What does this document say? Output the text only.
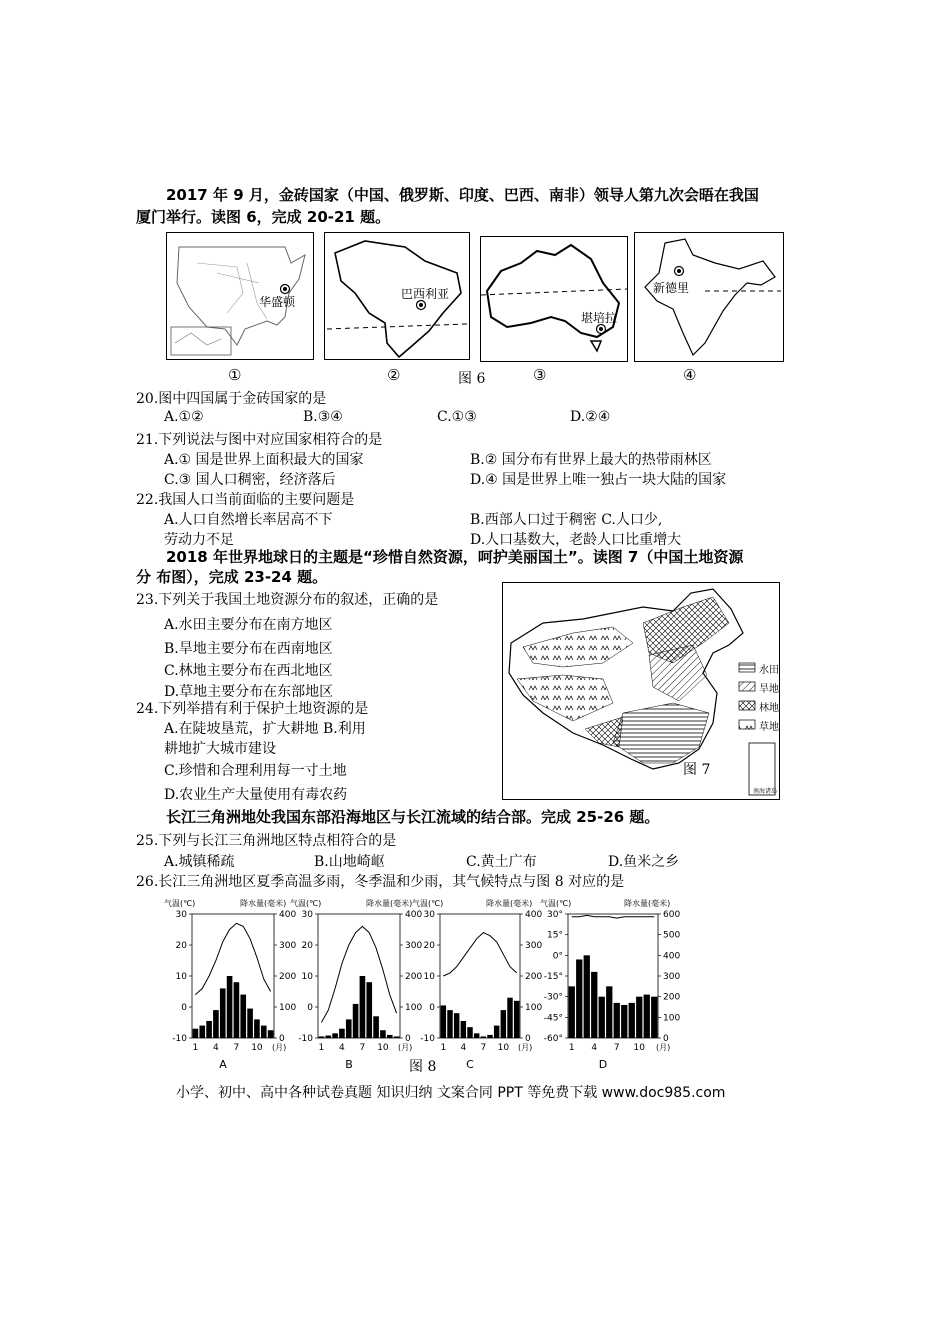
2017 年 9 月，金砖国家（中国、俄罗斯、印度、巴西、南非）领导人第九次会晤在我国
厦门举行。读图 6，完成 20-21 题。
华盛顿
巴西利亚
堪培拉
新德里
①	②	图 6	③	④
20.图中四国属于金砖国家的是
A.①②	B.③④	C.①③	D.②④
21.下列说法与图中对应国家相符合的是
A.① 国是世界上面积最大的国家	B.② 国分布有世界上最大的热带雨林区
C.③ 国人口稠密，经济落后	D.④ 国是世界上唯一独占一块大陆的国家
22.我国人口当前面临的主要问题是
A.人口自然增长率居高不下	B.西部人口过于稠密 C.人口少,
劳动力不足	D.人口基数大，老龄人口比重增大
2018 年世界地球日的主题是“珍惜自然资源，呵护美丽国土”。读图 7（中国土地资源
分 布图），完成 23-24 题。
23.下列关于我国土地资源分布的叙述，正确的是
A.水田主要分布在南方地区
B.旱地主要分布在西南地区
C.林地主要分布在西北地区
D.草地主要分布在东部地区
24.下列举措有利于保护土地资源的是
A.在陡坡垦荒，扩大耕地 B.利用
耕地扩大城市建设
C.珍惜和合理利用每一寸土地
D.农业生产大量使用有毒农药
水田
旱地
林地
草地
图 7
南海诸岛
长江三角洲地处我国东部沿海地区与长江流域的结合部。完成 25-26 题。
25.下列与长江三角洲地区特点相符合的是
A.城镇稀疏	B.山地崎岖	C.黄土广布	D.鱼米之乡
26.长江三角洲地区夏季高温多雨，冬季温和少雨，其气候特点与图 8 对应的是
气温(℃)	降水量(毫米)
30
20
10
0
-10
400
300
200
100
0
1 4 7 10 (月)
A
气温(℃)	降水量(毫米)
30
20
10
0
-10
400
300
200
100
0
1 4 7 10 (月)
B
气温(℃)	降水量(毫米)
30
20
10
0
-10
400
300
200
100
0
1 4 7 10 (月)
C
气温(℃)	降水量(毫米)
30°
15°
0°
-15°
-30°
-45°
-60°
600
500
400
300
200
100
0
1 4 7 10 (月)
D
图 8
小学、初中、高中各种试卷真题 知识归纳 文案合同 PPT 等免费下载 www.doc985.com
